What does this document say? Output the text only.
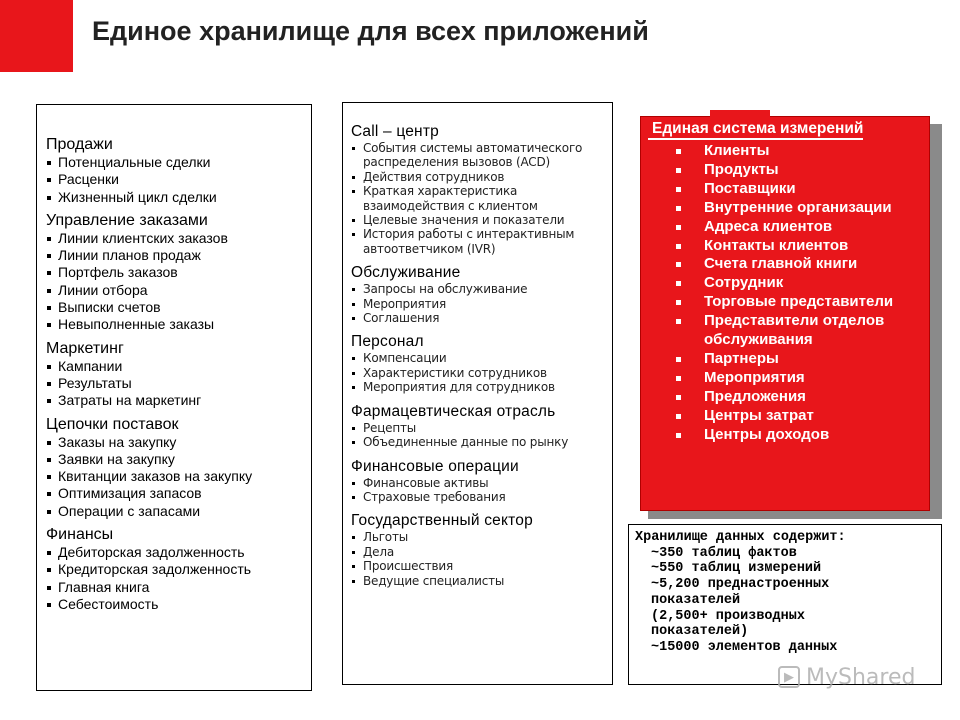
Единое хранилище для всех приложений
Продажи
Потенциальные сделки
Расценки
Жизненный цикл сделки
Управление заказами
Линии клиентских заказов
Линии планов продаж
Портфель заказов
Линии отбора
Выписки счетов
Невыполненные заказы
Маркетинг
Кампании
Результаты
Затраты на маркетинг
Цепочки поставок
Заказы на закупку
Заявки на закупку
Квитанции заказов на закупку
Оптимизация запасов
Операции с запасами
Финансы
Дебиторская задолженность
Кредиторская задолженность
Главная книга
Себестоимость
Call – центр
События системы автоматического распределения вызовов (ACD)
Действия сотрудников
Краткая характеристика взаимодействия с клиентом
Целевые значения и показатели
История работы с интерактивным автоответчиком (IVR)
Обслуживание
Запросы на обслуживание
Мероприятия
Соглашения
Персонал
Компенсации
Характеристики сотрудников
Мероприятия для сотрудников
Фармацевтическая отрасль
Рецепты
Объединенные данные по рынку
Финансовые операции
Финансовые активы
Страховые требования
Государственный сектор
Льготы
Дела
Происшествия
Ведущие специалисты
Единая система измерений
Клиенты
Продукты
Поставщики
Внутренние организации
Адреса клиентов
Контакты клиентов
Счета главной книги
Сотрудник
Торговые представители
Представители отделов обслуживания
Партнеры
Мероприятия
Предложения
Центры затрат
Центры доходов
Хранилище данных содержит:
~350 таблиц фактов
~550 таблиц измерений
~5,200 преднастроенных
показателей
(2,500+ производных
показателей)
~15000 элементов данных
▶ MyShared
